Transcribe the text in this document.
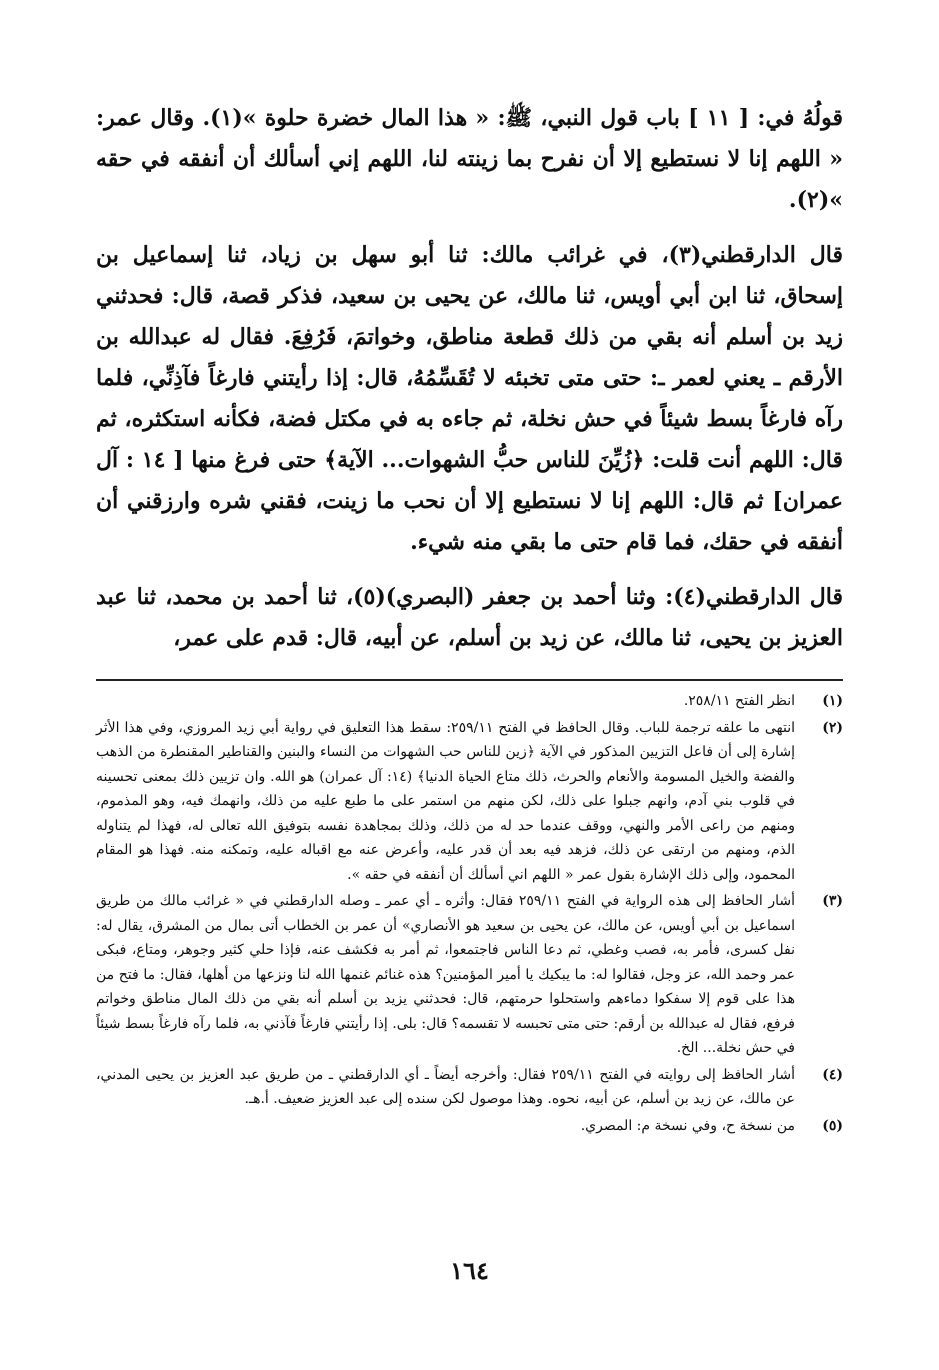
قولُهُ في: [ ١١ ] باب قول النبي، ﷺ: « هذا المال خضرة حلوة »(١). وقال عمر: « اللهم إنا لا نستطيع إلا أن نفرح بما زينته لنا، اللهم إني أسألك أن أنفقه في حقه »(٢).

قال الدارقطني(٣)، في غرائب مالك: ثنا أبو سهل بن زياد، ثنا إسماعيل بن إسحاق، ثنا ابن أبي أويس، ثنا مالك، عن يحيى بن سعيد، فذكر قصة، قال: فحدثني زيد بن أسلم أنه بقي من ذلك قطعة مناطق، وخواتمَ، فَرُفِعَ. فقال له عبدالله بن الأرقم ـ يعني لعمر ـ: حتى متى تخبئه لا تُقَسِّمُهُ، قال: إذا رأيتني فارغاً فآذِنِّي، فلما رآه فارغاً بسط شيئاً في حش نخلة، ثم جاءه به في مكتل فضة، فكأنه استكثره، ثم قال: اللهم أنت قلت: ﴿زُيِّنَ للناس حبُّ الشهوات... الآية﴾ حتى فرغ منها [ ١٤ : آل عمران] ثم قال: اللهم إنا لا نستطيع إلا أن نحب ما زينت، فقني شره وارزقني أن أنفقه في حقك، فما قام حتى ما بقي منه شيء.

قال الدارقطني(٤): وثنا أحمد بن جعفر (البصري)(٥)، ثنا أحمد بن محمد، ثنا عبد العزيز بن يحيى، ثنا مالك، عن زيد بن أسلم، عن أبيه، قال: قدم على عمر،

(١)
انظر الفتح ٢٥٨/١١.
(٢)
انتهى ما علقه ترجمة للباب. وقال الحافظ في الفتح ٢٥٩/١١: سقط هذا التعليق في رواية أبي زيد المروزي، وفي هذا الأثر إشارة إلى أن فاعل التزيين المذكور في الآية ﴿زين للناس حب الشهوات من النساء والبنين والقناطير المقنطرة من الذهب والفضة والخيل المسومة والأنعام والحرث، ذلك متاع الحياة الدنيا﴾ (١٤: آل عمران) هو الله. وان تزيين ذلك بمعنى تحسينه في قلوب بني آدم، وانهم جبلوا على ذلك، لكن منهم من استمر على ما طبع عليه من ذلك، وانهمك فيه، وهو المذموم، ومنهم من راعى الأمر والنهي، ووقف عندما حد له من ذلك، وذلك بمجاهدة نفسه بتوفيق الله تعالى له، فهذا لم يتناوله الذم، ومنهم من ارتقى عن ذلك، فزهد فيه بعد أن قدر عليه، وأعرض عنه مع اقباله عليه، وتمكنه منه. فهذا هو المقام المحمود، وإلى ذلك الإشارة بقول عمر « اللهم اني أسألك أن أنفقه في حقه ».
(٣)
أشار الحافظ إلى هذه الرواية في الفتح ٢٥٩/١١ فقال: وأثره ـ أي عمر ـ وصله الدارقطني في « غرائب مالك من طريق اسماعيل بن أبي أويس، عن مالك، عن يحيى بن سعيد هو الأنصاري» أن عمر بن الخطاب أتى بمال من المشرق، يقال له: نفل كسرى، فأمر به، فصب وغطي، ثم دعا الناس فاجتمعوا، ثم أمر به فكشف عنه، فإذا حلي كثير وجوهر، ومتاع، فبكى عمر وحمد الله، عز وجل، فقالوا له: ما يبكيك يا أمير المؤمنين؟ هذه غنائم غنمها الله لنا ونزعها من أهلها، فقال: ما فتح من هذا على قوم إلا سفكوا دماءهم واستحلوا حرمتهم، قال: فحدثني يزيد بن أسلم أنه بقي من ذلك المال مناطق وخواتم فرفع، فقال له عبدالله بن أرقم: حتى متى تحبسه لا تقسمه؟ قال: بلى. إذا رأيتني فارغاً فآذني به، فلما رآه فارغاً بسط شيئاً في حش نخلة... الخ.
(٤)
أشار الحافظ إلى روايته في الفتح ٢٥٩/١١ فقال: وأخرجه أيضاً ـ أي الدارقطني ـ من طريق عبد العزيز بن يحيى المدني، عن مالك، عن زيد بن أسلم، عن أبيه، نحوه. وهذا موصول لكن سنده إلى عبد العزيز ضعيف. أ.هـ.
(٥)
من نسخة ح، وفي نسخة م: المصري.
١٦٤
